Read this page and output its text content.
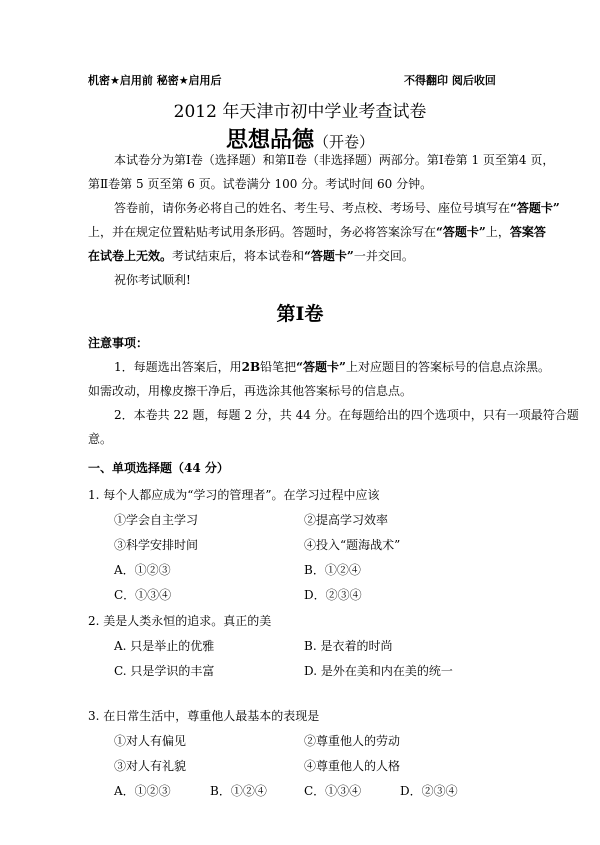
机密★启用前 秘密★启用后	不得翻印 阅后收回
2012 年天津市初中学业考查试卷
思想品德（开卷）
本试卷分为第Ⅰ卷（选择题）和第Ⅱ卷（非选择题）两部分。第Ⅰ卷第 1 页至第4 页，
第Ⅱ卷第 5 页至第 6 页。试卷满分 100 分。考试时间 60 分钟。
答卷前，请你务必将自己的姓名、考生号、考点校、考场号、座位号填写在“答题卡”
上，并在规定位置粘贴考试用条形码。答题时，务必将答案涂写在“答题卡”上，答案答
在试卷上无效。考试结束后，将本试卷和“答题卡”一并交回。
祝你考试顺利!
第Ⅰ卷
注意事项：
1．每题选出答案后，用2B铅笔把“答题卡”上对应题目的答案标号的信息点涂黑。
如需改动，用橡皮擦干净后，再选涂其他答案标号的信息点。
2．本卷共 22 题，每题 2 分，共 44 分。在每题给出的四个选项中，只有一项最符合题
意。
一、单项选择题（44 分）
1. 每个人都应成为“学习的管理者”。在学习过程中应该
①学会自主学习	②提高学习效率
③科学安排时间	④投入“题海战术”
A．①②③	B．①②④
C．①③④	D．②③④
2. 美是人类永恒的追求。真正的美
A. 只是举止的优雅	B. 是衣着的时尚
C. 只是学识的丰富	D. 是外在美和内在美的统一
3. 在日常生活中，尊重他人最基本的表现是
①对人有偏见	②尊重他人的劳动
③对人有礼貌	④尊重他人的人格
A．①②③	B．①②④	C．①③④	D．②③④
